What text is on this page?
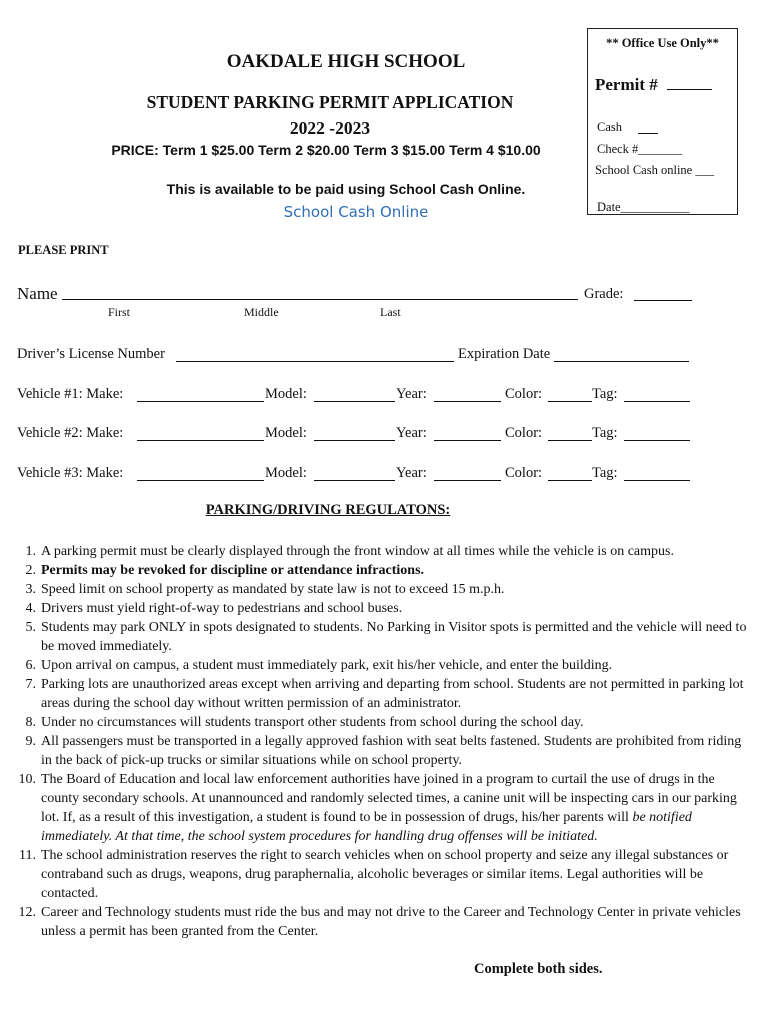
OAKDALE HIGH SCHOOL
STUDENT PARKING PERMIT APPLICATION
2022 -2023
PRICE: Term 1 $25.00 Term 2 $20.00 Term 3 $15.00 Term 4 $10.00
This is available to be paid using School Cash Online.
School Cash Online
** Office Use Only**
Permit #
Cash
Check #_______
School Cash online ___
Date___________
PLEASE PRINT
Name	Grade:
First	Middle	Last
Driver’s License Number	Expiration Date
Vehicle #1: Make:	Model:	Year:	Color:	Tag:
Vehicle #2: Make:	Model:	Year:	Color:	Tag:
Vehicle #3: Make:	Model:	Year:	Color:	Tag:
PARKING/DRIVING REGULATONS:
1. A parking permit must be clearly displayed through the front window at all times while the vehicle is on campus.
2. Permits may be revoked for discipline or attendance infractions.
3. Speed limit on school property as mandated by state law is not to exceed 15 m.p.h.
4. Drivers must yield right-of-way to pedestrians and school buses.
5. Students may park ONLY in spots designated to students. No Parking in Visitor spots is permitted and the vehicle will need to be moved immediately.
6. Upon arrival on campus, a student must immediately park, exit his/her vehicle, and enter the building.
7. Parking lots are unauthorized areas except when arriving and departing from school. Students are not permitted in parking lot areas during the school day without written permission of an administrator.
8. Under no circumstances will students transport other students from school during the school day.
9. All passengers must be transported in a legally approved fashion with seat belts fastened. Students are prohibited from riding in the back of pick-up trucks or similar situations while on school property.
10. The Board of Education and local law enforcement authorities have joined in a program to curtail the use of drugs in the county secondary schools. At unannounced and randomly selected times, a canine unit will be inspecting cars in our parking lot. If, as a result of this investigation, a student is found to be in possession of drugs, his/her parents will be notified immediately. At that time, the school system procedures for handling drug offenses will be initiated.
11. The school administration reserves the right to search vehicles when on school property and seize any illegal substances or contraband such as drugs, weapons, drug paraphernalia, alcoholic beverages or similar items. Legal authorities will be contacted.
12. Career and Technology students must ride the bus and may not drive to the Career and Technology Center in private vehicles unless a permit has been granted from the Center.
Complete both sides.
